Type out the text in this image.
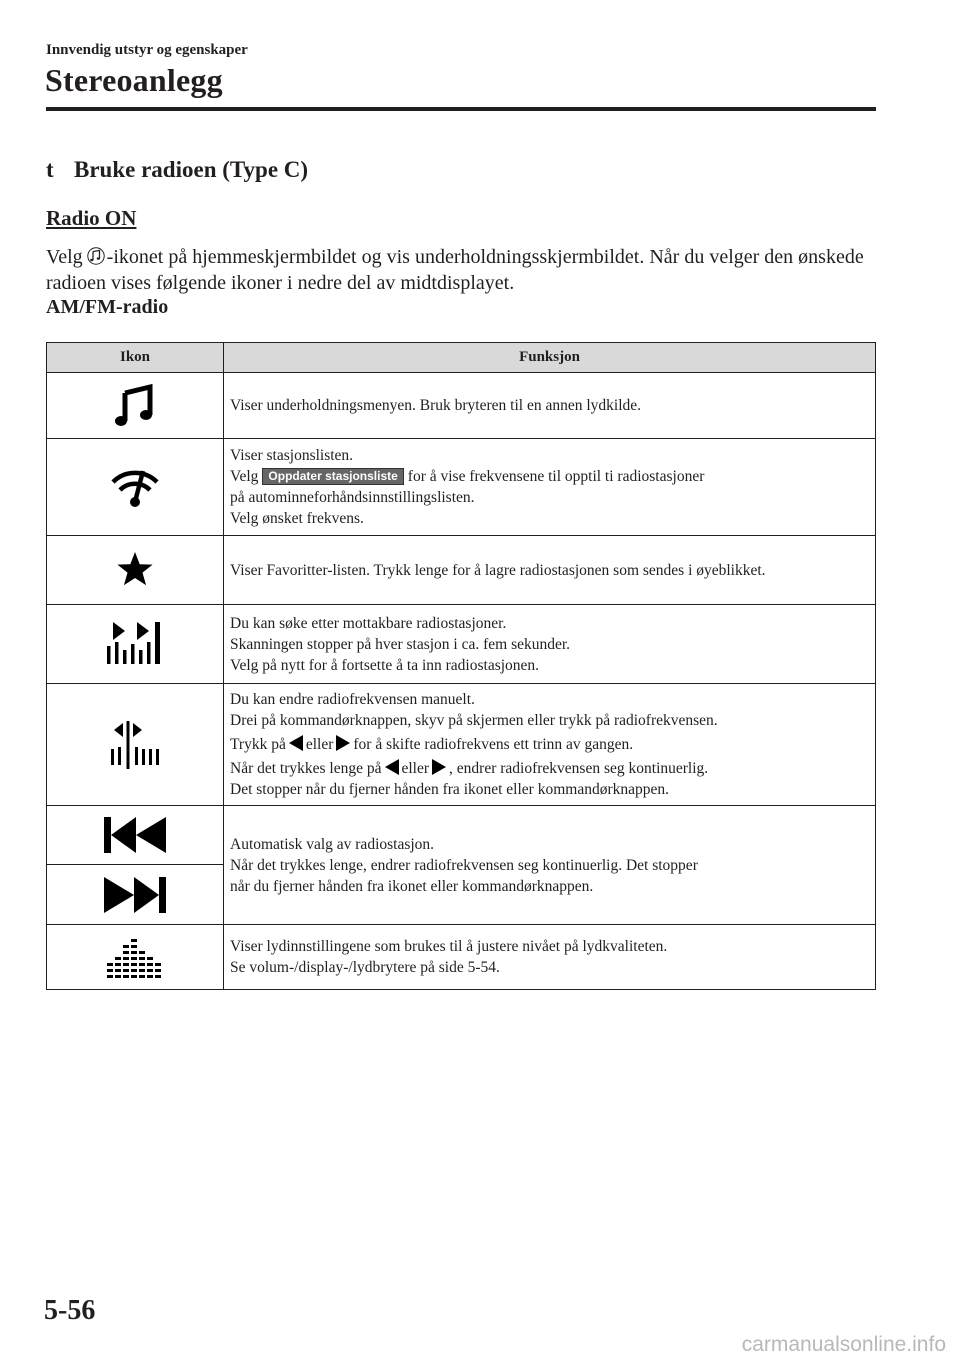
Innvendig utstyr og egenskaper
Stereoanlegg
t Bruke radioen (Type C)
Radio ON
Velg -ikonet på hjemmeskjermbildet og vis underholdningsskjermbildet. Når du velger den ønskede radioen vises følgende ikoner i nedre del av midtdisplayet.
AM/FM-radio
Ikon	Funksjon

	Viser underholdningsmenyen. Bruk bryteren til en annen lydkilde.

Viser stasjonslisten.
Velg Oppdater stasjonsliste for å vise frekvensene til opptil ti radiostasjoner
på autominneforhåndsinnstillingslisten.
Velg ønsket frekvens.

	Viser Favoritter-listen. Trykk lenge for å lagre radiostasjonen som sendes i øyeblikket.

Du kan søke etter mottakbare radiostasjoner.
Skanningen stopper på hver stasjon i ca. fem sekunder.
Velg på nytt for å fortsette å ta inn radiostasjonen.

Du kan endre radiofrekvensen manuelt.
Drei på kommandørknappen, skyv på skjermen eller trykk på radiofrekvensen.
Trykk på eller for å skifte radiofrekvens ett trinn av gangen.
Når det trykkes lenge på eller , endrer radiofrekvensen seg kontinuerlig.
Det stopper når du fjerner hånden fra ikonet eller kommandørknappen.

Automatisk valg av radiostasjon.
Når det trykkes lenge, endrer radiofrekvensen seg kontinuerlig. Det stopper
når du fjerner hånden fra ikonet eller kommandørknappen.

Viser lydinnstillingene som brukes til å justere nivået på lydkvaliteten.
Se volum-/display-/lydbrytere på side 5-54.
5-56
carmanualsonline.info
